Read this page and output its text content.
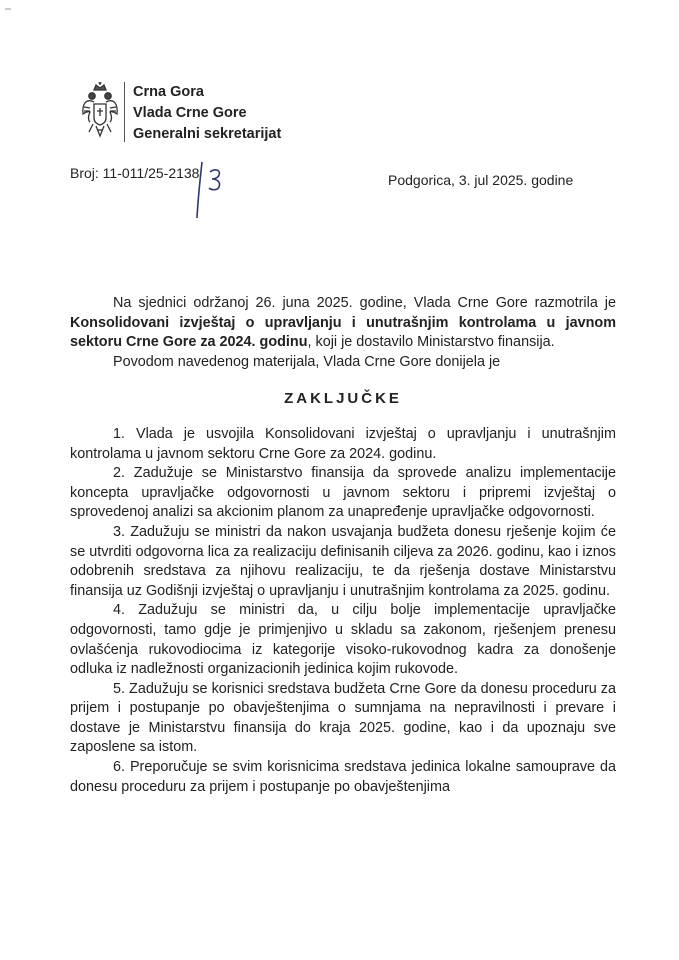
Crna Gora
Vlada Crne Gore
Generalni sekretarijat
Broj: 11-011/25-2138	Podgorica, 3. jul 2025. godine

Na sjednici održanoj 26. juna 2025. godine, Vlada Crne Gore razmotrila je Konsolidovani izvještaj o upravljanju i unutrašnjim kontrolama u javnom sektoru Crne Gore za 2024. godinu, koji je dostavilo Ministarstvo finansija.

Povodom navedenog materijala, Vlada Crne Gore donijela je

ZAKLJUČKE

1. Vlada je usvojila Konsolidovani izvještaj o upravljanju i unutrašnjim kontrolama u javnom sektoru Crne Gore za 2024. godinu.

2. Zadužuje se Ministarstvo finansija da sprovede analizu implementacije koncepta upravljačke odgovornosti u javnom sektoru i pripremi izvještaj o sprovedenoj analizi sa akcionim planom za unapređenje upravljačke odgovornosti.

3. Zadužuju se ministri da nakon usvajanja budžeta donesu rješenje kojim će se utvrditi odgovorna lica za realizaciju definisanih ciljeva za 2026. godinu, kao i iznos odobrenih sredstava za njihovu realizaciju, te da rješenja dostave Ministarstvu finansija uz Godišnji izvještaj o upravljanju i unutrašnjim kontrolama za 2025. godinu.

4. Zadužuju se ministri da, u cilju bolje implementacije upravljačke odgovornosti, tamo gdje je primjenjivo u skladu sa zakonom, rješenjem prenesu ovlašćenja rukovodiocima iz kategorije visoko-rukovodnog kadra za donošenje odluka iz nadležnosti organizacionih jedinica kojim rukovode.

5. Zadužuju se korisnici sredstava budžeta Crne Gore da donesu proceduru za prijem i postupanje po obavještenjima o sumnjama na nepravilnosti i prevare i dostave je Ministarstvu finansija do kraja 2025. godine, kao i da upoznaju sve zaposlene sa istom.

6. Preporučuje se svim korisnicima sredstava jedinica lokalne samouprave da donesu proceduru za prijem i postupanje po obavještenjima
